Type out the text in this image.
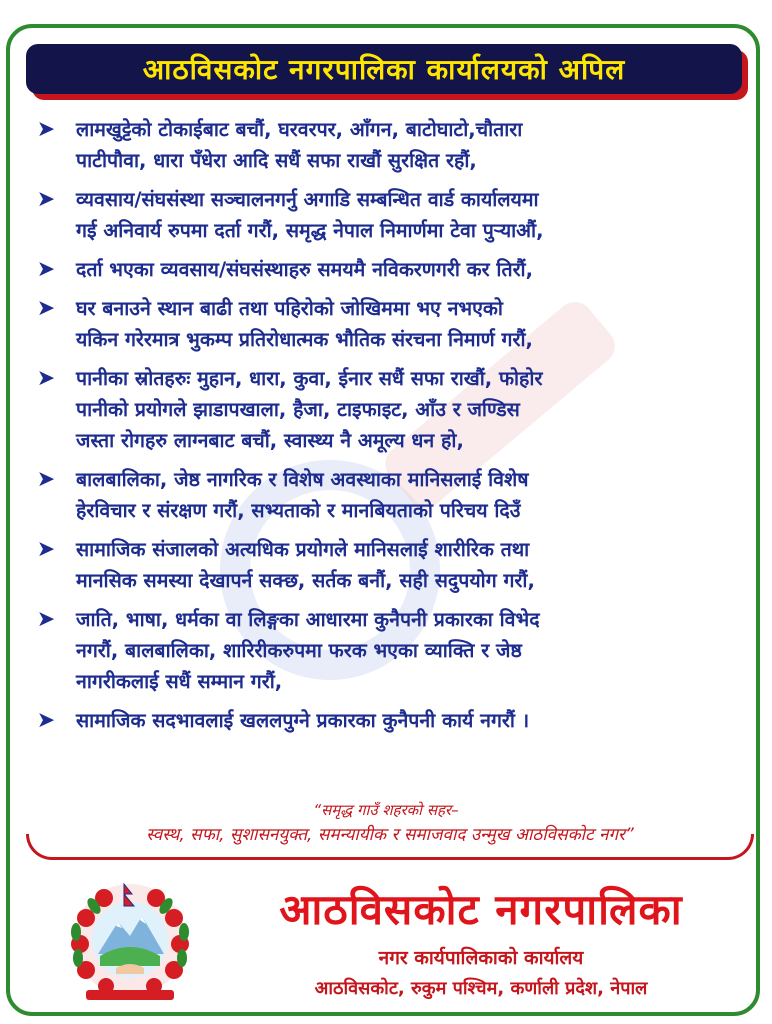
आठविसकोट नगरपालिका कार्यालयको अपिल
➤	लामखुट्टेको टोकाईबाट बचौं, घरवरपर, आँगन, बाटोघाटो,चौतारा
पाटीपौवा, धारा पँधेरा आदि सधैं सफा राखौं सुरक्षित रहौं,
➤	व्यवसाय/संघसंस्था सञ्चालनगर्नु अगाडि सम्बन्धित वार्ड कार्यालयमा
गई अनिवार्य रुपमा दर्ता गरौं, समृद्ध नेपाल निमार्णमा टेवा पुर्‍याऔं,
➤	दर्ता भएका व्यवसाय/संघसंस्थाहरु समयमै नविकरणगरी कर तिरौं,
➤	घर बनाउने स्थान बाढी तथा पहिरोको जोखिममा भए नभएको
यकिन गरेरमात्र भुकम्प प्रतिरोधात्मक भौतिक संरचना निमार्ण गरौं,
➤	पानीका स्रोतहरुः मुहान, धारा, कुवा, ईनार सधैं सफा राखौं, फोहोर
पानीको प्रयोगले झाडापखाला, हैजा, टाइफाइट, आँउ र जण्डिस
जस्ता रोगहरु लाग्नबाट बचौं, स्वास्थ्य नै अमूल्य धन हो,
➤	बालबालिका, जेष्ठ नागरिक र विशेष अवस्थाका मानिसलाई विशेष
हेरविचार र संरक्षण गरौं, सभ्यताको र मानबियताको परिचय दिउँ
➤	सामाजिक संजालको अत्यधिक प्रयोगले मानिसलाई शारीरिक तथा
मानसिक समस्या देखापर्न सक्छ, सर्तक बनौं, सही सदुपयोग गरौं,
➤	जाति, भाषा, धर्मका वा लिङ्गका आधारमा कुनैपनी प्रकारका विभेद
नगरौं, बालबालिका, शारिरीकरुपमा फरक भएका व्याक्ति र जेष्ठ
नागरीकलाई सधैं सम्मान गरौं,
➤	सामाजिक सदभावलाई खललपुग्ने प्रकारका कुनैपनी कार्य नगरौं ।
“समृद्ध गाउँ शहरको सहर–
स्वस्थ, सफा, सुशासनयुक्त, समन्यायीक र समाजवाद उन्मुख आठविसकोट नगर”
आठविसकोट नगरपालिका
नगर कार्यपालिकाको कार्यालय
आठविसकोट, रुकुम पश्चिम, कर्णाली प्रदेश, नेपाल
